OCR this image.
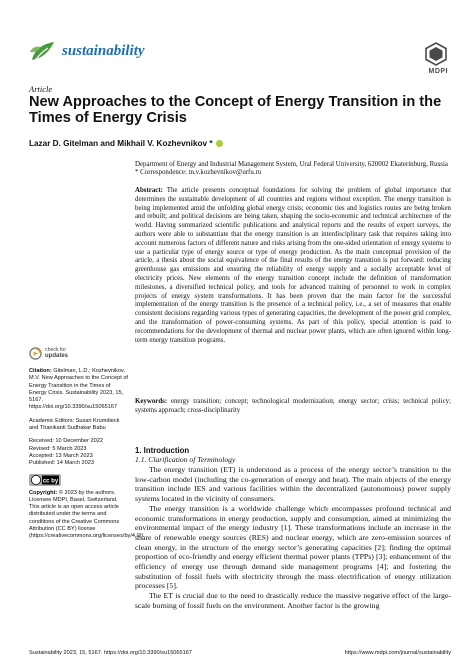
sustainability
MDPI
Article
New Approaches to the Concept of Energy Transition in the Times of Energy Crisis
Lazar D. Gitelman and Mikhail V. Kozhevnikov *
Department of Energy and Industrial Management System, Ural Federal University, 620002 Ekaterinburg, Russia
* Correspondence: m.v.kozhevnikov@urfu.ru
Abstract: The article presents conceptual foundations for solving the problem of global importance that determines the sustainable development of all countries and regions without exception. The energy transition is being implemented amid the unfolding global energy crisis; economic ties and logistics routes are being broken and rebuilt; and political decisions are being taken, shaping the socio-economic and technical architecture of the world. Having summarized scientific publications and analytical reports and the results of expert surveys, the authors were able to substantiate that the energy transition is an interdisciplinary task that requires taking into account numerous factors of different nature and risks arising from the one-sided orientation of energy systems to use a particular type of energy source or type of energy production. As the main conceptual provision of the article, a thesis about the social equivalence of the final results of the energy transition is put forward: reducing greenhouse gas emissions and ensuring the reliability of energy supply and a socially acceptable level of electricity prices. New elements of the energy transition concept include the definition of transformation milestones, a diversified technical policy, and tools for advanced training of personnel to work in complex projects of energy system transformations. It has been proven that the main factor for the successful implementation of the energy transition is the presence of a technical policy, i.e., a set of measures that enable consistent decisions regarding various types of generating capacities, the development of the power grid complex, and the transformation of power-consuming systems. As part of this policy, special attention is paid to recommendations for the development of thermal and nuclear power plants, which are often ignored within long-term energy transition programs.
Keywords: energy transition; concept; technological modernization; energy sector; crisis; technical policy; systems approach; cross-disciplinarity
check for
updates

Citation: Gitelman, L.D.; Kozhevnikov, M.V. New Approaches to the Concept of Energy Transition in the Times of Energy Crisis. Sustainability 2023, 15, 5167. https://doi.org/10.3390/su15065167

Academic Editors: Susan Krumdieck and Thanikanti Sudhakar Babu

Received: 10 December 2022
Revised: 5 March 2023
Accepted: 13 March 2023
Published: 14 March 2023

cc by

Copyright: © 2023 by the authors. Licensee MDPI, Basel, Switzerland. This article is an open access article distributed under the terms and conditions of the Creative Commons Attribution (CC BY) license (https://creativecommons.org/licenses/by/4.0/).

1. Introduction
1.1. Clarification of Terminology

The energy transition (ET) is understood as a process of the energy sector’s transition to the low-carbon model (including the co-generation of energy and heat). The main objects of the energy transition include IES and various facilities within the decentralized (autonomous) power supply systems located in the vicinity of consumers.

The energy transition is a worldwide challenge which encompasses profound technical and economic transformations in energy production, supply and consumption, aimed at minimizing the environmental impact of the energy industry [1]. These transformations include an increase in the share of renewable energy sources (RES) and nuclear energy, which are zero-emission sources of clean energy, in the structure of the energy sector’s generating capacities [2]; finding the optimal proportion of eco-friendly and energy efficient thermal power plants (TPPs) [3]; enhancement of the efficiency of energy use through demand side management programs [4]; and fostering the substitution of fossil fuels with electricity through the mass electrification of energy utilization processes [5].

The ET is crucial due to the need to drastically reduce the massive negative effect of the large-scale burning of fossil fuels on the environment. Another factor is the growing

Sustainability 2023, 15, 5167. https://doi.org/10.3390/su15065167	https://www.mdpi.com/journal/sustainability
